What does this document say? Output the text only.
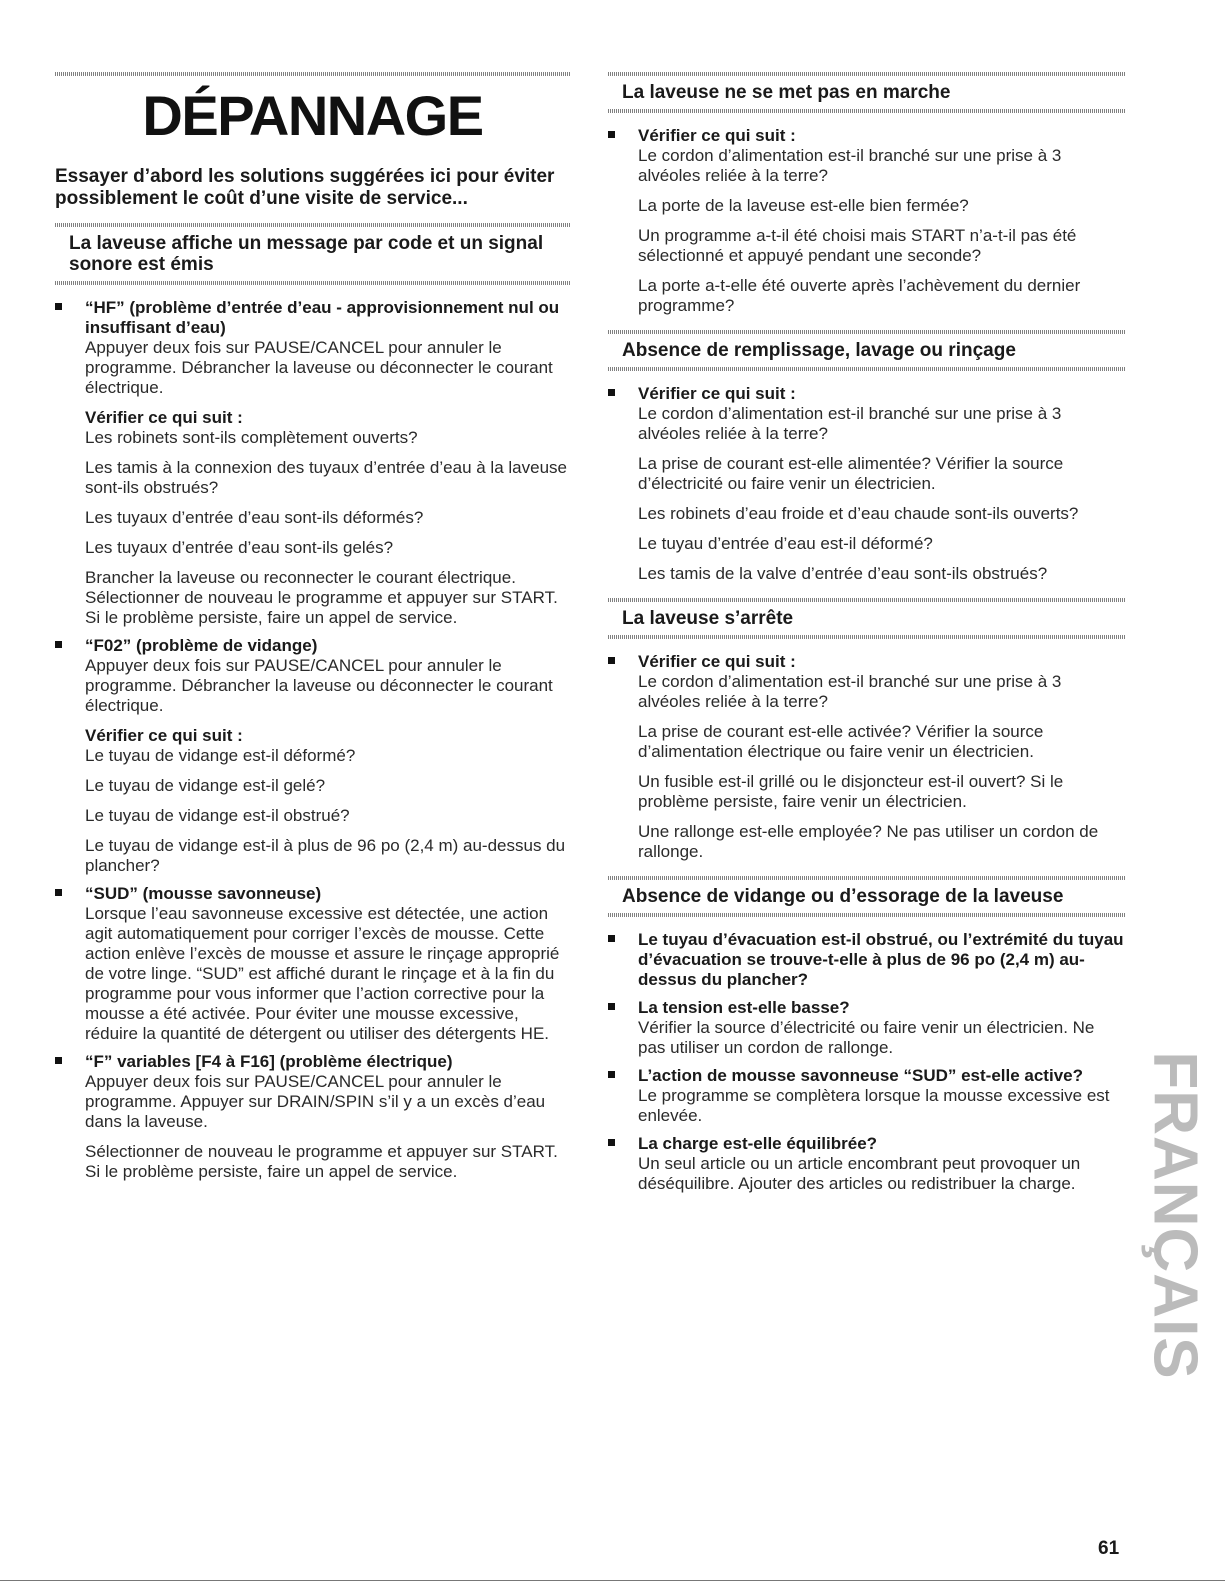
DÉPANNAGE
Essayer d’abord les solutions suggérées ici pour éviter possiblement le coût d’une visite de service...
La laveuse affiche un message par code et un signal sonore est émis
“HF” (problème d’entrée d’eau - approvisionnement nul ou insuffisant d’eau)
Appuyer deux fois sur PAUSE/CANCEL pour annuler le programme. Débrancher la laveuse ou déconnecter le courant électrique.
Vérifier ce qui suit :
Les robinets sont-ils complètement ouverts?
Les tamis à la connexion des tuyaux d’entrée d’eau à la laveuse sont-ils obstrués?
Les tuyaux d’entrée d’eau sont-ils déformés?
Les tuyaux d’entrée d’eau sont-ils gelés?
Brancher la laveuse ou reconnecter le courant électrique. Sélectionner de nouveau le programme et appuyer sur START. Si le problème persiste, faire un appel de service.
“F02” (problème de vidange)
Appuyer deux fois sur PAUSE/CANCEL pour annuler le programme. Débrancher la laveuse ou déconnecter le courant électrique.
Vérifier ce qui suit :
Le tuyau de vidange est-il déformé?
Le tuyau de vidange est-il gelé?
Le tuyau de vidange est-il obstrué?
Le tuyau de vidange est-il à plus de 96 po (2,4 m) au-dessus du plancher?
“SUD” (mousse savonneuse)
Lorsque l’eau savonneuse excessive est détectée, une action agit automatiquement pour corriger l’excès de mousse. Cette action enlève l’excès de mousse et assure le rinçage approprié de votre linge. “SUD” est affiché durant le rinçage et à la fin du programme pour vous informer que l’action corrective pour la mousse a été activée. Pour éviter une mousse excessive, réduire la quantité de détergent ou utiliser des détergents HE.
“F” variables [F4 à F16] (problème électrique)
Appuyer deux fois sur PAUSE/CANCEL pour annuler le programme. Appuyer sur DRAIN/SPIN s’il y a un excès d’eau dans la laveuse.
Sélectionner de nouveau le programme et appuyer sur START. Si le problème persiste, faire un appel de service.
La laveuse ne se met pas en marche
Vérifier ce qui suit :
Le cordon d’alimentation est-il branché sur une prise à 3 alvéoles reliée à la terre?
La porte de la laveuse est-elle bien fermée?
Un programme a-t-il été choisi mais START n’a-t-il pas été sélectionné et appuyé pendant une seconde?
La porte a-t-elle été ouverte après l’achèvement du dernier programme?
Absence de remplissage, lavage ou rinçage
Vérifier ce qui suit :
Le cordon d’alimentation est-il branché sur une prise à 3 alvéoles reliée à la terre?
La prise de courant est-elle alimentée? Vérifier la source d’électricité ou faire venir un électricien.
Les robinets d’eau froide et d’eau chaude sont-ils ouverts?
Le tuyau d’entrée d’eau est-il déformé?
Les tamis de la valve d’entrée d’eau sont-ils obstrués?
La laveuse s’arrête
Vérifier ce qui suit :
Le cordon d’alimentation est-il branché sur une prise à 3 alvéoles reliée à la terre?
La prise de courant est-elle activée? Vérifier la source d’alimentation électrique ou faire venir un électricien.
Un fusible est-il grillé ou le disjoncteur est-il ouvert? Si le problème persiste, faire venir un électricien.
Une rallonge est-elle employée? Ne pas utiliser un cordon de rallonge.
Absence de vidange ou d’essorage de la laveuse
Le tuyau d’évacuation est-il obstrué, ou l’extrémité du tuyau d’évacuation se trouve-t-elle à plus de 96 po (2,4 m) au-dessus du plancher?
La tension est-elle basse?
Vérifier la source d’électricité ou faire venir un électricien. Ne pas utiliser un cordon de rallonge.
L’action de mousse savonneuse “SUD” est-elle active?
Le programme se complètera lorsque la mousse excessive est enlevée.
La charge est-elle équilibrée?
Un seul article ou un article encombrant peut provoquer un déséquilibre. Ajouter des articles ou redistribuer la charge.	FRANÇAIS
61
